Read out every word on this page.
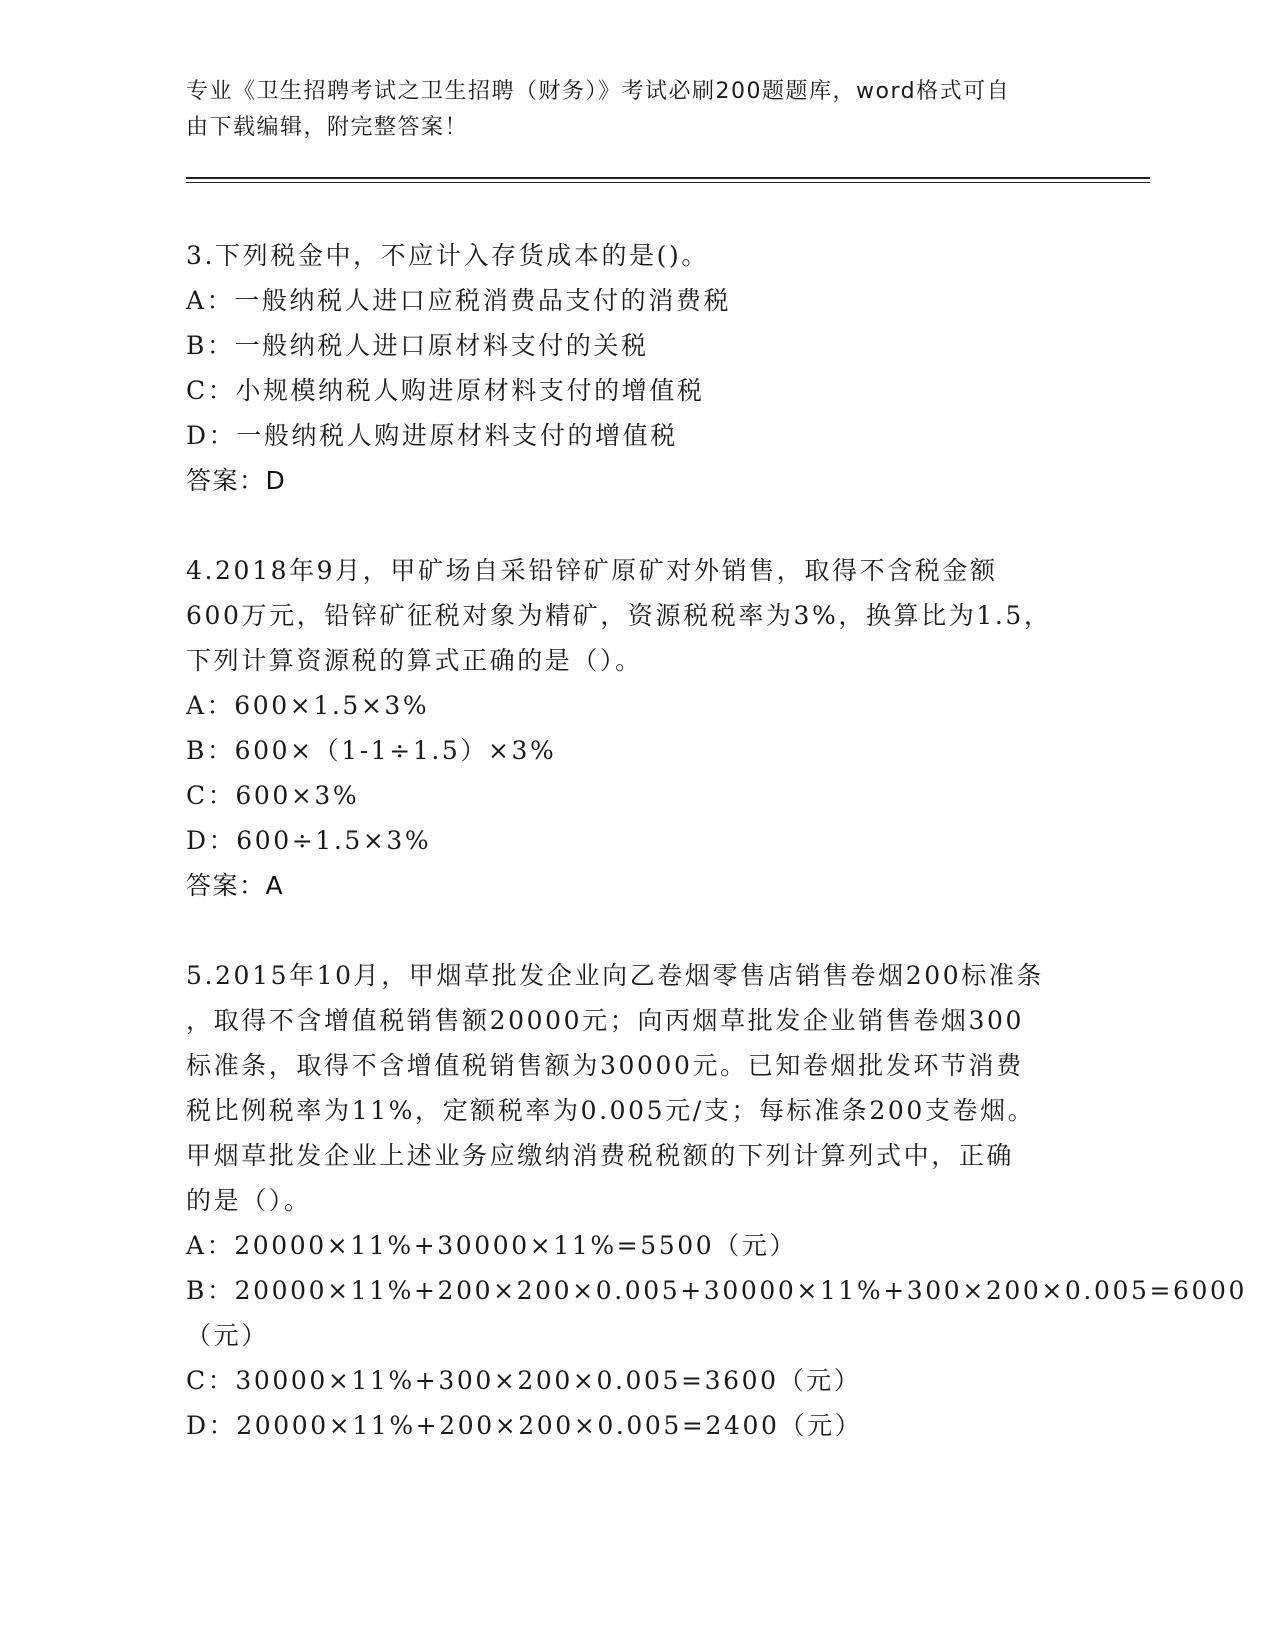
专业《卫生招聘考试之卫生招聘（财务）》考试必刷200题题库，word格式可自
由下载编辑，附完整答案！
3.下列税金中，不应计入存货成本的是()。
A：一般纳税人进口应税消费品支付的消费税
B：一般纳税人进口原材料支付的关税
C：小规模纳税人购进原材料支付的增值税
D：一般纳税人购进原材料支付的增值税
答案：D
4.2018年9月，甲矿场自采铅锌矿原矿对外销售，取得不含税金额
600万元，铅锌矿征税对象为精矿，资源税税率为3%，换算比为1.5，
下列计算资源税的算式正确的是（）。
A：600×1.5×3%
B：600×（1-1÷1.5）×3%
C：600×3%
D：600÷1.5×3%
答案：A
5.2015年10月，甲烟草批发企业向乙卷烟零售店销售卷烟200标准条
，取得不含增值税销售额20000元；向丙烟草批发企业销售卷烟300
标准条，取得不含增值税销售额为30000元。已知卷烟批发环节消费
税比例税率为11%，定额税率为0.005元/支；每标准条200支卷烟。
甲烟草批发企业上述业务应缴纳消费税税额的下列计算列式中，正确
的是（）。
A：20000×11%+30000×11%=5500（元）
B：20000×11%+200×200×0.005+30000×11%+300×200×0.005=6000
（元）
C：30000×11%+300×200×0.005=3600（元）
D：20000×11%+200×200×0.005=2400（元）
